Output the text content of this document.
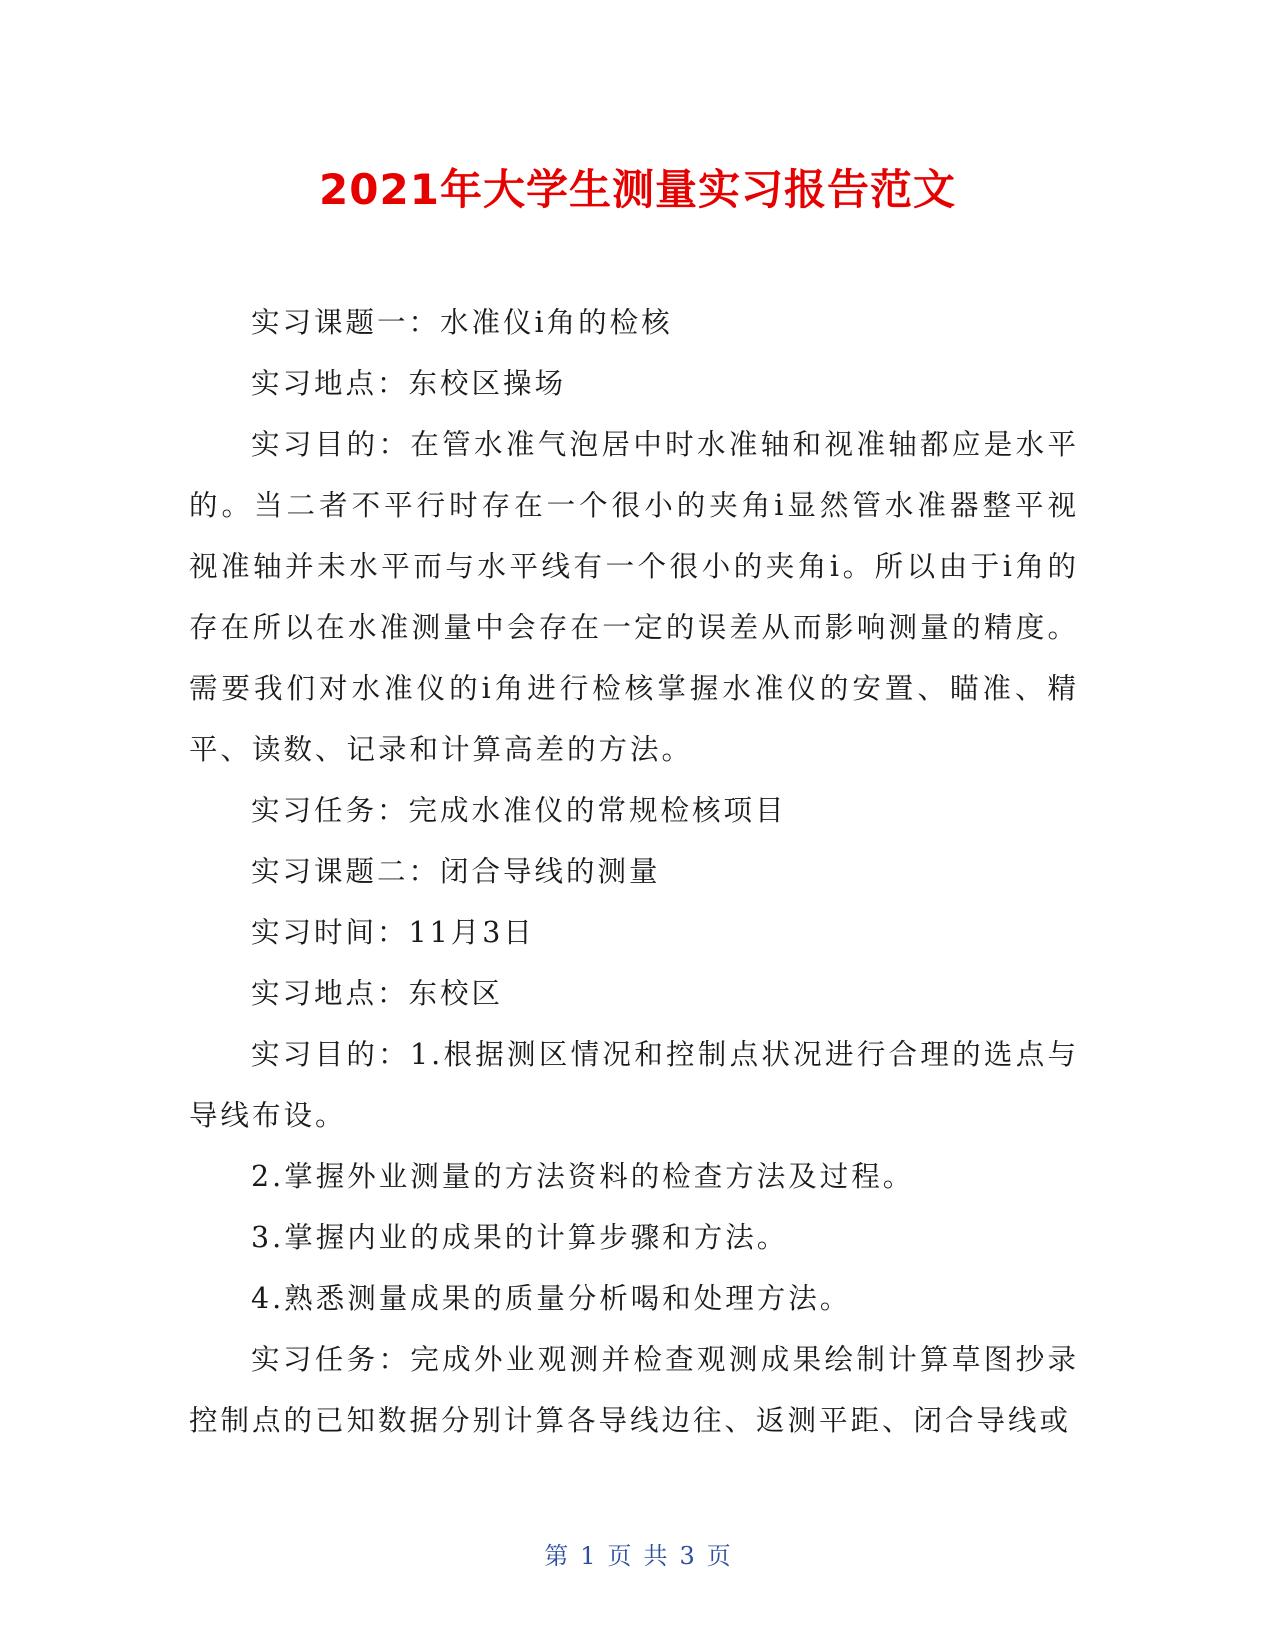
2021年大学生测量实习报告范文

实习课题一：水准仪i角的检核

实习地点：东校区操场

实习目的：在管水准气泡居中时水准轴和视准轴都应是水平的。当二者不平行时存在一个很小的夹角i显然管水准器整平视视准轴并未水平而与水平线有一个很小的夹角i。所以由于i角的存在所以在水准测量中会存在一定的误差从而影响测量的精度。需要我们对水准仪的i角进行检核掌握水准仪的安置、瞄准、精平、读数、记录和计算高差的方法。

实习任务：完成水准仪的常规检核项目

实习课题二：闭合导线的测量

实习时间：11月3日

实习地点：东校区

实习目的：1.根据测区情况和控制点状况进行合理的选点与导线布设。

2.掌握外业测量的方法资料的检查方法及过程。

3.掌握内业的成果的计算步骤和方法。

4.熟悉测量成果的质量分析喝和处理方法。

实习任务：完成外业观测并检查观测成果绘制计算草图抄录控制点的已知数据分别计算各导线边往、返测平距、闭合导线或

第 1 页 共 3 页
